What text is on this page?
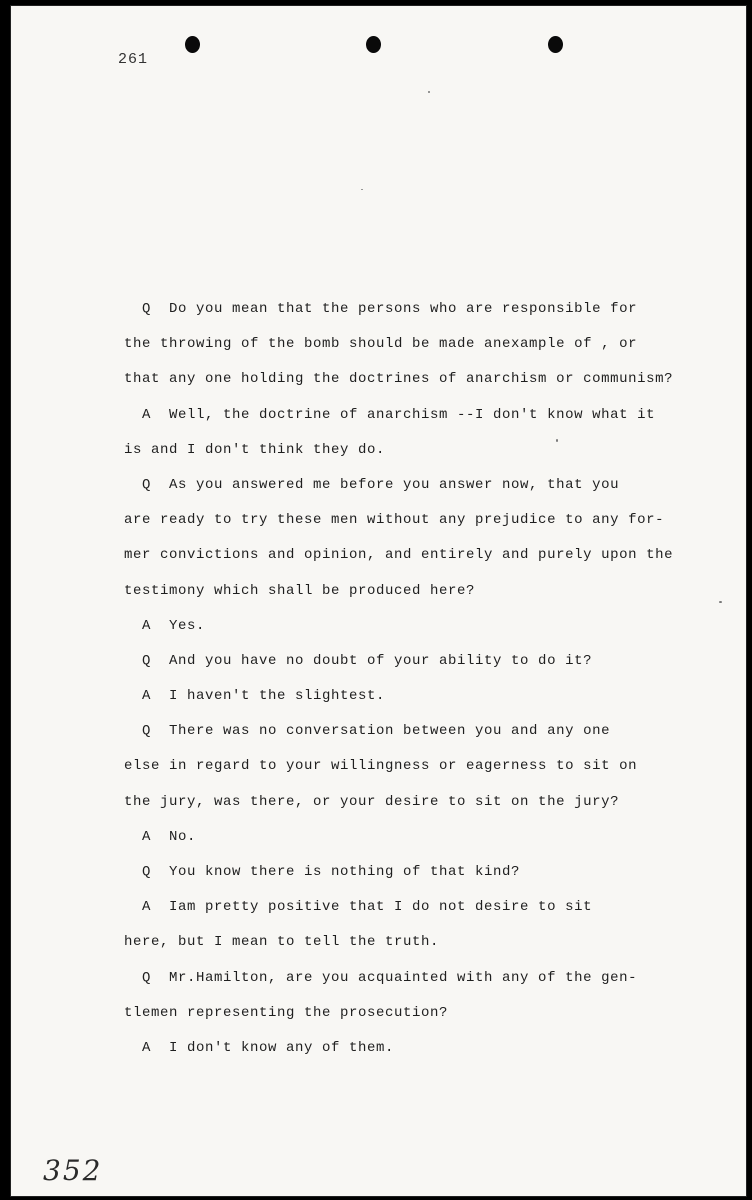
261
Q  Do you mean that the persons who are responsible for
the throwing of the bomb should be made anexample of , or
that any one holding the doctrines of anarchism or communism?
A  Well, the doctrine of anarchism --I don't know what it
is and I don't think they do.
Q  As you answered me before you answer now, that you
are ready to try these men without any prejudice to any for-
mer convictions and opinion, and entirely and purely upon the
testimony which shall be produced here?
A  Yes.
Q  And you have no doubt of your ability to do it?
A  I haven't the slightest.
Q  There was no conversation between you and any one
else in regard to your willingness or eagerness to sit on
the jury, was there, or your desire to sit on the jury?
A  No.
Q  You know there is nothing of that kind?
A  Iam pretty positive that I do not desire to sit
here, but I mean to tell the truth.
Q  Mr.Hamilton, are you acquainted with any of the gen-
tlemen representing the prosecution?
A  I don't know any of them.
352
